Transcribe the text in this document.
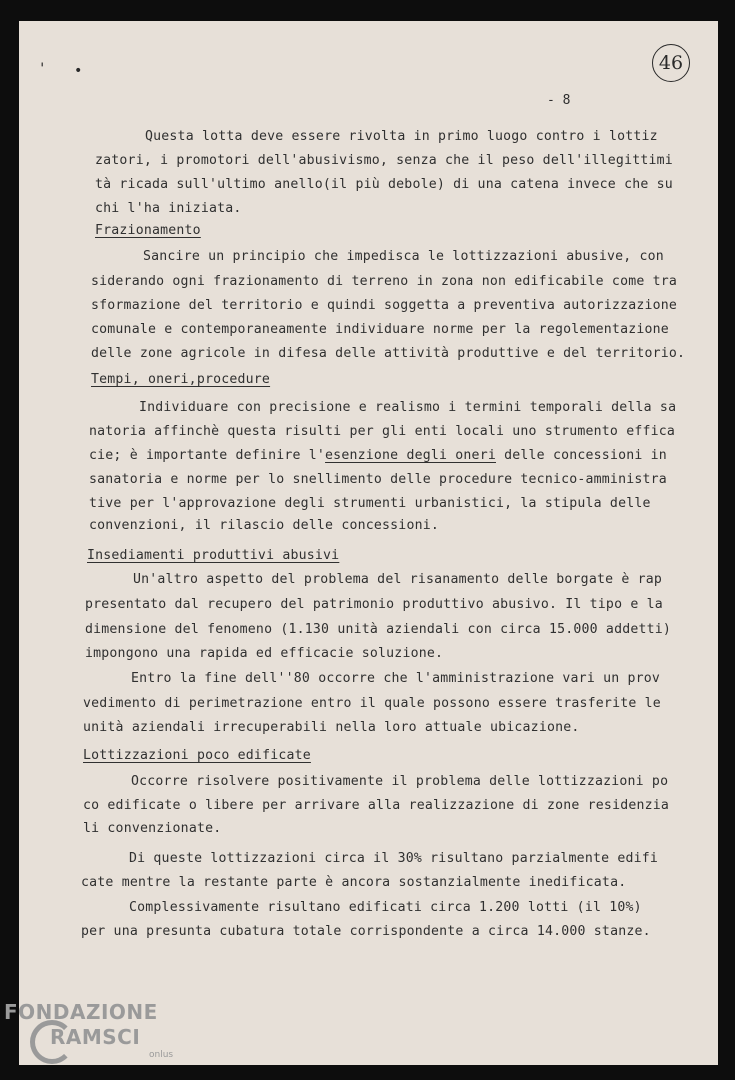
' •	46
- 8
Questa lotta deve essere rivolta in primo luogo contro i lottiz
zatori, i promotori dell'abusivismo, senza che il peso dell'illegittimi
tà ricada sull'ultimo anello(il più debole) di una catena invece che su
chi l'ha iniziata.
Frazionamento
Sancire un principio che impedisca le lottizzazioni abusive, con
siderando ogni frazionamento di terreno in zona non edificabile come tra
sformazione del territorio e quindi soggetta a preventiva autorizzazione
comunale e contemporaneamente individuare norme per la regolementazione
delle zone agricole in difesa delle attività produttive e del territorio.
Tempi, oneri,procedure
Individuare con precisione e realismo i termini temporali della sa
natoria affinchè questa risulti per gli enti locali uno strumento effica
cie; è importante definire l'esenzione degli oneri delle concessioni in
sanatoria e norme per lo snellimento delle procedure tecnico-amministra
tive per l'approvazione degli strumenti urbanistici, la stipula delle
convenzioni, il rilascio delle concessioni.
Insediamenti produttivi abusivi
Un'altro aspetto del problema del risanamento delle borgate è rap
presentato dal recupero del patrimonio produttivo abusivo. Il tipo e la
dimensione del fenomeno (1.130 unità aziendali con circa 15.000 addetti)
impongono una rapida ed efficacie soluzione.
Entro la fine dell''80 occorre che l'amministrazione vari un prov
vedimento di perimetrazione entro il quale possono essere trasferite le
unità aziendali irrecuperabili nella loro attuale ubicazione.
Lottizzazioni poco edificate
Occorre risolvere positivamente il problema delle lottizzazioni po
co edificate o libere per arrivare alla realizzazione di zone residenzia
li convenzionate.
Di queste lottizzazioni circa il 30% risultano parzialmente edifi
cate mentre la restante parte è ancora sostanzialmente inedificata.
Complessivamente risultano edificati circa 1.200 lotti (il 10%)
per una presunta cubatura totale corrispondente a circa 14.000 stanze.
FONDAZIONE
RAMSCI
onlus
